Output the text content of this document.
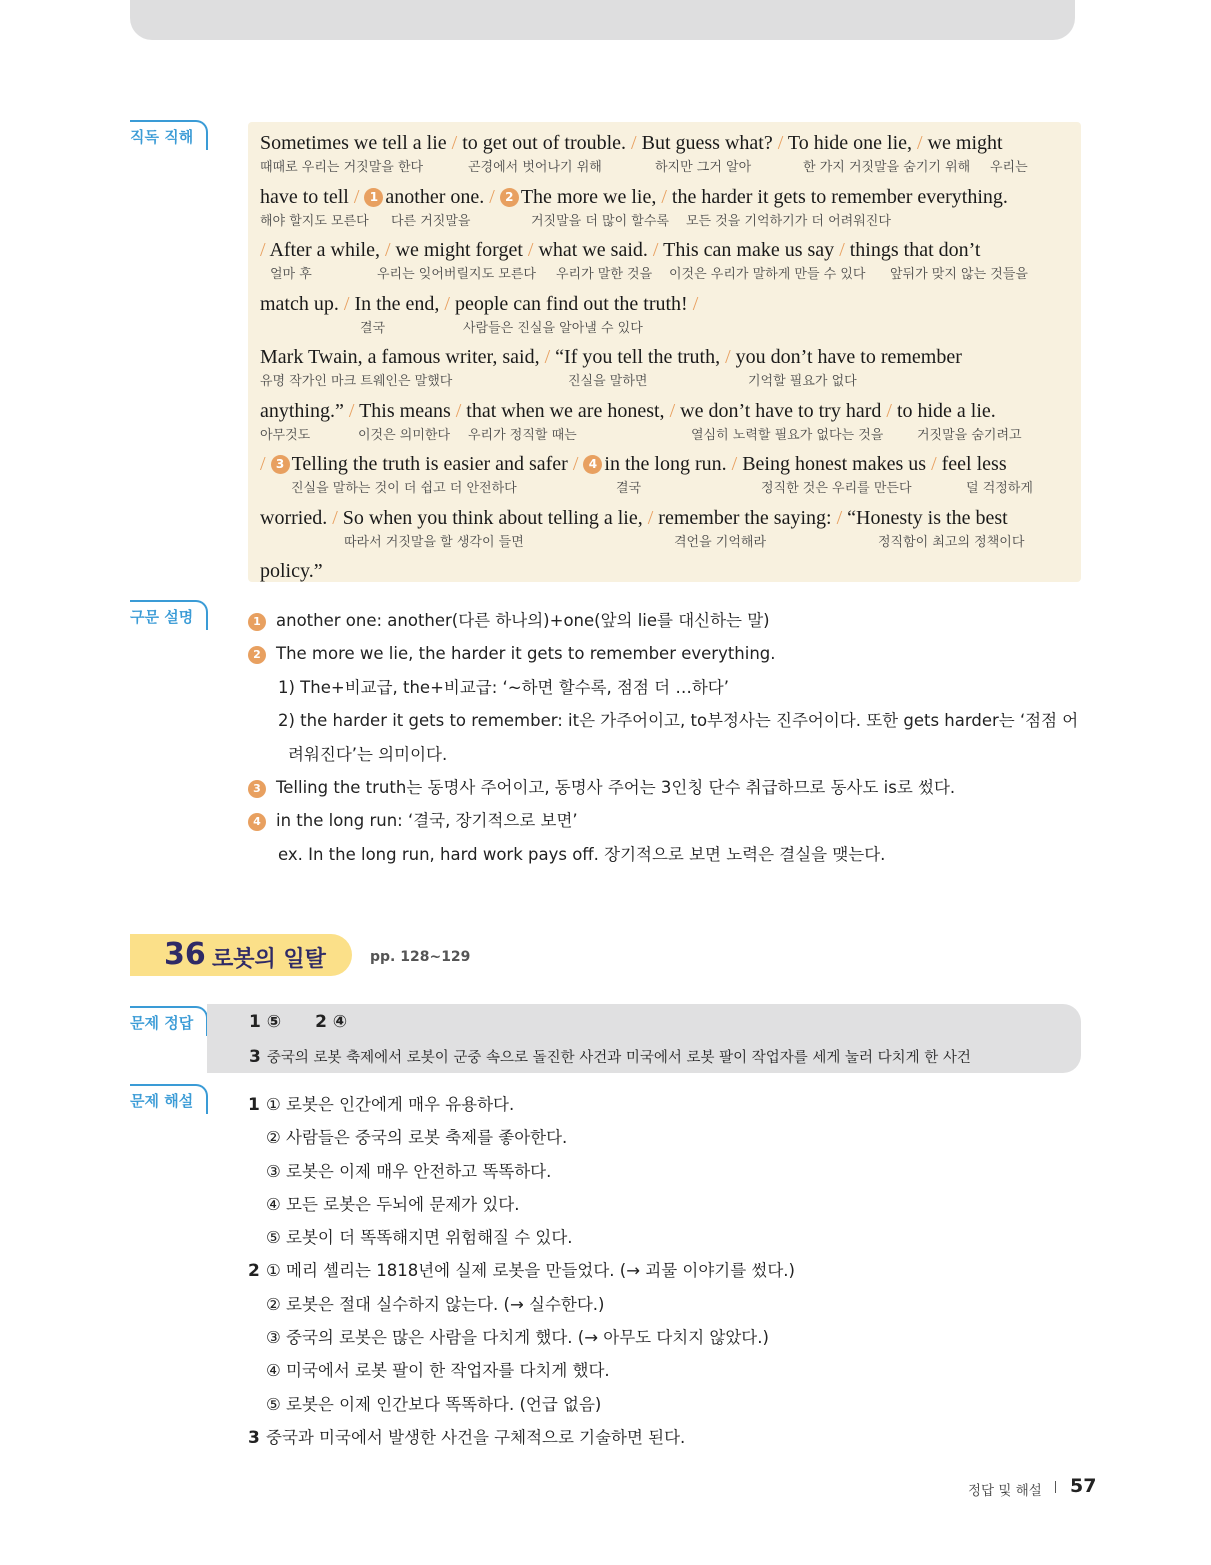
직독 직해
구문 설명
문제 정답
문제 해설
Sometimes we tell a lie / to get out of trouble. / But guess what? / To hide one lie, / we might
때때로 우리는 거짓말을 한다	곤경에서 벗어나기 위해	하지만 그거 알아	한 가지 거짓말을 숨기기 위해 우리는
have to tell / 1 another one. / 2 The more we lie, / the harder it gets to remember everything.
해야 할지도 모른다 다른 거짓말을	거짓말을 더 많이 할수록 모든 것을 기억하기가 더 어려워진다
/ After a while, / we might forget / what we said. / This can make us say / things that don’t
얼마 후	우리는 잊어버릴지도 모른다 우리가 말한 것을 이것은 우리가 말하게 만들 수 있다 앞뒤가 맞지 않는 것들을
match up. / In the end, / people can find out the truth! /
결국	사람들은 진실을 알아낼 수 있다
Mark Twain, a famous writer, said, / “If you tell the truth, / you don’t have to remember
유명 작가인 마크 트웨인은 말했다	진실을 말하면	기억할 필요가 없다
anything.” / This means / that when we are honest, / we don’t have to try hard / to hide a lie.
아무것도	이것은 의미한다 우리가 정직할 때는	열심히 노력할 필요가 없다는 것을	거짓말을 숨기려고
/ 3 Telling the truth is easier and safer / 4 in the long run. / Being honest makes us / feel less
진실을 말하는 것이 더 쉽고 더 안전하다	결국	정직한 것은 우리를 만든다	덜 걱정하게
worried. / So when you think about telling a lie, / remember the saying: / “Honesty is the best
따라서 거짓말을 할 생각이 들면	격언을 기억해라	정직함이 최고의 정책이다
policy.”
1 another one: another(다른 하나의)+one(앞의 lie를 대신하는 말)
2 The more we lie, the harder it gets to remember everything.
1) The+비교급, the+비교급: ‘~하면 할수록, 점점 더 …하다’
2) the harder it gets to remember: it은 가주어이고, to부정사는 진주어이다. 또한 gets harder는 ‘점점 어
려워진다’는 의미이다.
3 Telling the truth는 동명사 주어이고, 동명사 주어는 3인칭 단수 취급하므로 동사도 is로 썼다.
4 in the long run: ‘결국, 장기적으로 보면’
ex. In the long run, hard work pays off. 장기적으로 보면 노력은 결실을 맺는다.
36 로봇의 일탈	pp. 128~129
1 ⑤ 2 ④
3 중국의 로봇 축제에서 로봇이 군중 속으로 돌진한 사건과 미국에서 로봇 팔이 작업자를 세게 눌러 다치게 한 사건
1 ① 로봇은 인간에게 매우 유용하다.
② 사람들은 중국의 로봇 축제를 좋아한다.
③ 로봇은 이제 매우 안전하고 똑똑하다.
④ 모든 로봇은 두뇌에 문제가 있다.
⑤ 로봇이 더 똑똑해지면 위험해질 수 있다.
2 ① 메리 셸리는 1818년에 실제 로봇을 만들었다. (→ 괴물 이야기를 썼다.)
② 로봇은 절대 실수하지 않는다. (→ 실수한다.)
③ 중국의 로봇은 많은 사람을 다치게 했다. (→ 아무도 다치지 않았다.)
④ 미국에서 로봇 팔이 한 작업자를 다치게 했다.
⑤ 로봇은 이제 인간보다 똑똑하다. (언급 없음)
3 중국과 미국에서 발생한 사건을 구체적으로 기술하면 된다.
정답 및 해설 57
